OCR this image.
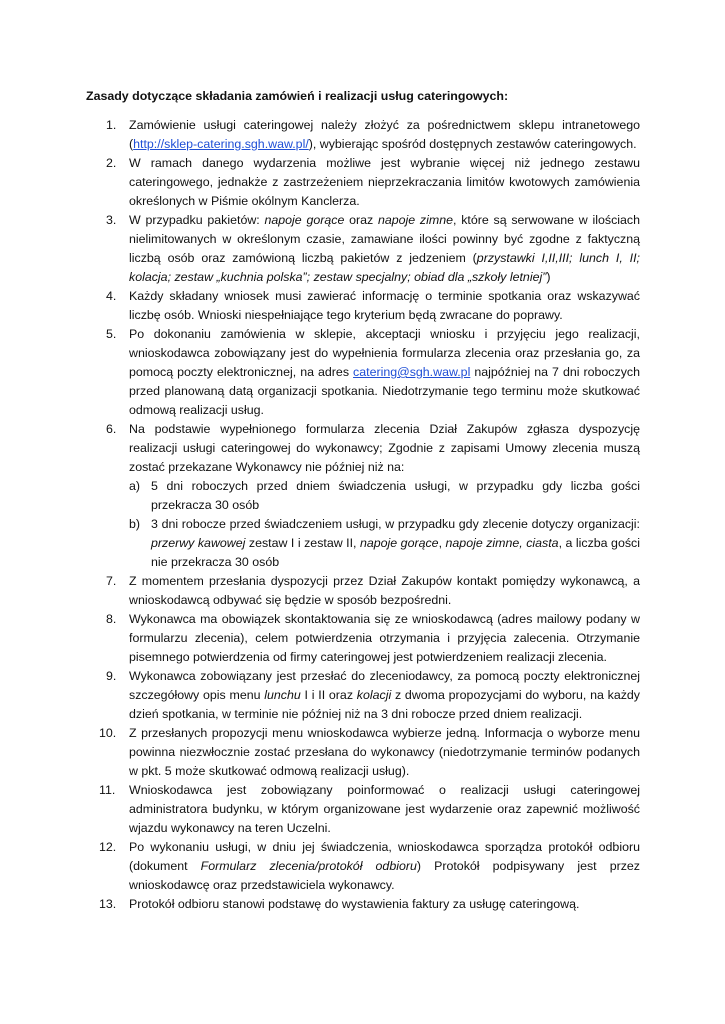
Zasady dotyczące składania zamówień i realizacji usług cateringowych:
1.	Zamówienie usługi cateringowej należy złożyć za pośrednictwem sklepu intranetowego (http://sklep-catering.sgh.waw.pl/), wybierając spośród dostępnych zestawów cateringowych.
2.	W ramach danego wydarzenia możliwe jest wybranie więcej niż jednego zestawu cateringowego, jednakże z zastrzeżeniem nieprzekraczania limitów kwotowych zamówienia określonych w Piśmie okólnym Kanclerza.
3.	W przypadku pakietów: napoje gorące oraz napoje zimne, które są serwowane w ilościach nielimitowanych w określonym czasie, zamawiane ilości powinny być zgodne z faktyczną liczbą osób oraz zamówioną liczbą pakietów z jedzeniem (przystawki I,II,III; lunch I, II; kolacja; zestaw „kuchnia polska”; zestaw specjalny; obiad dla „szkoły letniej”)
4.	Każdy składany wniosek musi zawierać informację o terminie spotkania oraz wskazywać liczbę osób. Wnioski niespełniające tego kryterium będą zwracane do poprawy.
5.	Po dokonaniu zamówienia w sklepie, akceptacji wniosku i przyjęciu jego realizacji, wnioskodawca zobowiązany jest do wypełnienia formularza zlecenia oraz przesłania go, za pomocą poczty elektronicznej, na adres catering@sgh.waw.pl najpóźniej na 7 dni roboczych przed planowaną datą organizacji spotkania. Niedotrzymanie tego terminu może skutkować odmową realizacji usług.
6.	Na podstawie wypełnionego formularza zlecenia Dział Zakupów zgłasza dyspozycję realizacji usługi cateringowej do wykonawcy; Zgodnie z zapisami Umowy zlecenia muszą zostać przekazane Wykonawcy nie później niż na:
a) 5 dni roboczych przed dniem świadczenia usługi, w przypadku gdy liczba gości przekracza 30 osób
b) 3 dni robocze przed świadczeniem usługi, w przypadku gdy zlecenie dotyczy organizacji: przerwy kawowej zestaw I i zestaw II, napoje gorące, napoje zimne, ciasta, a liczba gości nie przekracza 30 osób
7.	Z momentem przesłania dyspozycji przez Dział Zakupów kontakt pomiędzy wykonawcą, a wnioskodawcą odbywać się będzie w sposób bezpośredni.
8.	Wykonawca ma obowiązek skontaktowania się ze wnioskodawcą (adres mailowy podany w formularzu zlecenia), celem potwierdzenia otrzymania i przyjęcia zalecenia. Otrzymanie pisemnego potwierdzenia od firmy cateringowej jest potwierdzeniem realizacji zlecenia.
9.	Wykonawca zobowiązany jest przesłać do zleceniodawcy, za pomocą poczty elektronicznej szczegółowy opis menu lunchu I i II oraz kolacji z dwoma propozycjami do wyboru, na każdy dzień spotkania, w terminie nie później niż na 3 dni robocze przed dniem realizacji.
10.	Z przesłanych propozycji menu wnioskodawca wybierze jedną. Informacja o wyborze menu powinna niezwłocznie zostać przesłana do wykonawcy (niedotrzymanie terminów podanych w pkt. 5 może skutkować odmową realizacji usług).
11.	Wnioskodawca jest zobowiązany poinformować o realizacji usługi cateringowej administratora budynku, w którym organizowane jest wydarzenie oraz zapewnić możliwość wjazdu wykonawcy na teren Uczelni.
12.	Po wykonaniu usługi, w dniu jej świadczenia, wnioskodawca sporządza protokół odbioru (dokument Formularz zlecenia/protokół odbioru) Protokół podpisywany jest przez wnioskodawcę oraz przedstawiciela wykonawcy.
13.	Protokół odbioru stanowi podstawę do wystawienia faktury za usługę cateringową.
